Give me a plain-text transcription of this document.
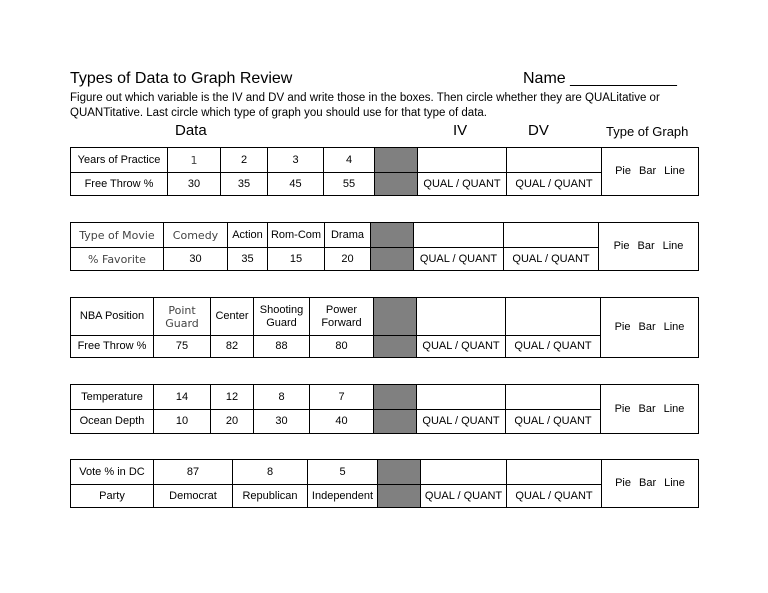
Types of Data to Graph Review	Name ____________
Figure out which variable is the IV and DV and write those in the boxes. Then circle whether they are QUALitative or QUANTitative. Last circle which type of graph you should use for that type of data.
Data	IV	DV	Type of Graph
Years of Practice	1	2	3	4				Pie Bar Line
Free Throw %	30	35	45	55		QUAL / QUANT	QUAL / QUANT	
Type of Movie	Comedy	Action	Rom-Com	Drama				Pie Bar Line
% Favorite	30	35	15	20		QUAL / QUANT	QUAL / QUANT	
NBA Position	Point Guard	Center	Shooting Guard	Power Forward				Pie Bar Line
Free Throw %	75	82	88	80		QUAL / QUANT	QUAL / QUANT	
Temperature	14	12	8	7				Pie Bar Line
Ocean Depth	10	20	30	40		QUAL / QUANT	QUAL / QUANT	
Vote % in DC	87	8	5				Pie Bar Line
Party	Democrat	Republican	Independent		QUAL / QUANT	QUAL / QUANT	
